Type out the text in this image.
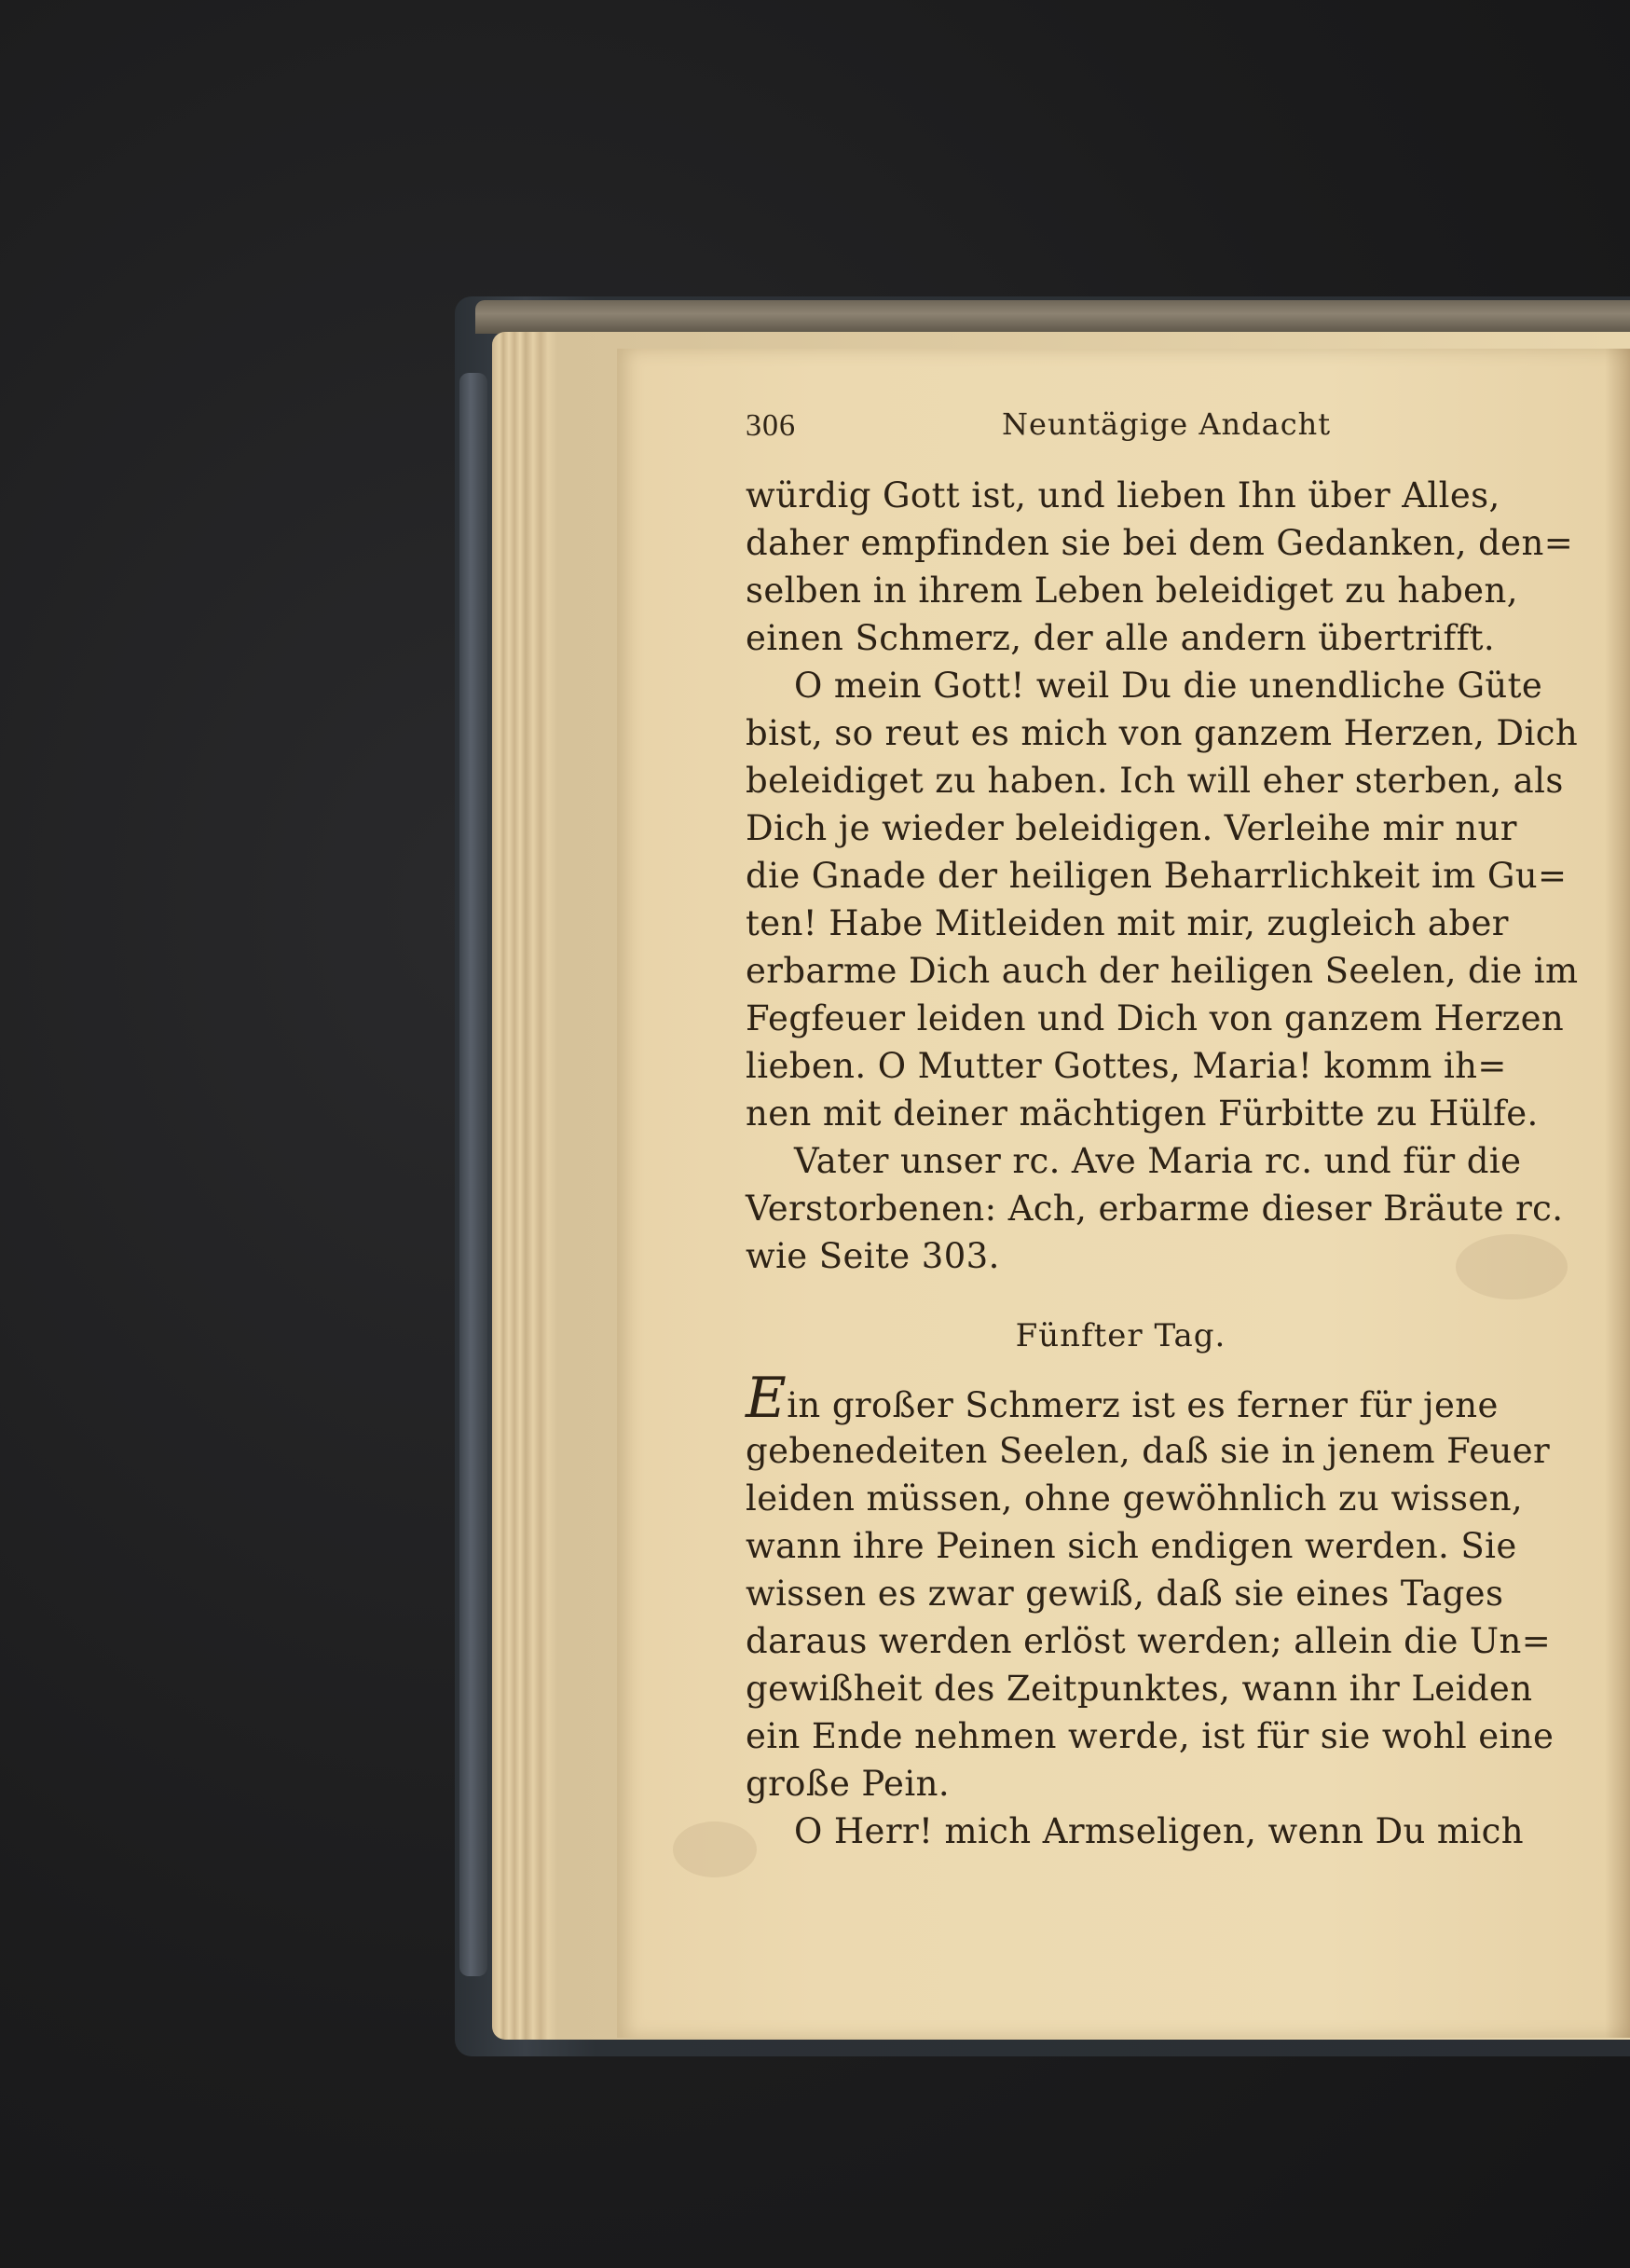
306	Neuntägige Andacht
würdig Gott ist, und lieben Ihn über Alles,
daher empfinden sie bei dem Gedanken, den=
selben in ihrem Leben beleidiget zu haben,
einen Schmerz, der alle andern übertrifft.
O mein Gott! weil Du die unendliche Güte
bist, so reut es mich von ganzem Herzen, Dich
beleidiget zu haben. Ich will eher sterben, als
Dich je wieder beleidigen. Verleihe mir nur
die Gnade der heiligen Beharrlichkeit im Gu=
ten! Habe Mitleiden mit mir, zugleich aber
erbarme Dich auch der heiligen Seelen, die im
Fegfeuer leiden und Dich von ganzem Herzen
lieben. O Mutter Gottes, Maria! komm ih=
nen mit deiner mächtigen Fürbitte zu Hülfe.
Vater unser rc. Ave Maria rc. und für die
Verstorbenen: Ach, erbarme dieser Bräute rc.
wie Seite 303.
Fünfter Tag.
Ein großer Schmerz ist es ferner für jene
gebenedeiten Seelen, daß sie in jenem Feuer
leiden müssen, ohne gewöhnlich zu wissen,
wann ihre Peinen sich endigen werden. Sie
wissen es zwar gewiß, daß sie eines Tages
daraus werden erlöst werden; allein die Un=
gewißheit des Zeitpunktes, wann ihr Leiden
ein Ende nehmen werde, ist für sie wohl eine
große Pein.
O Herr! mich Armseligen, wenn Du mich
